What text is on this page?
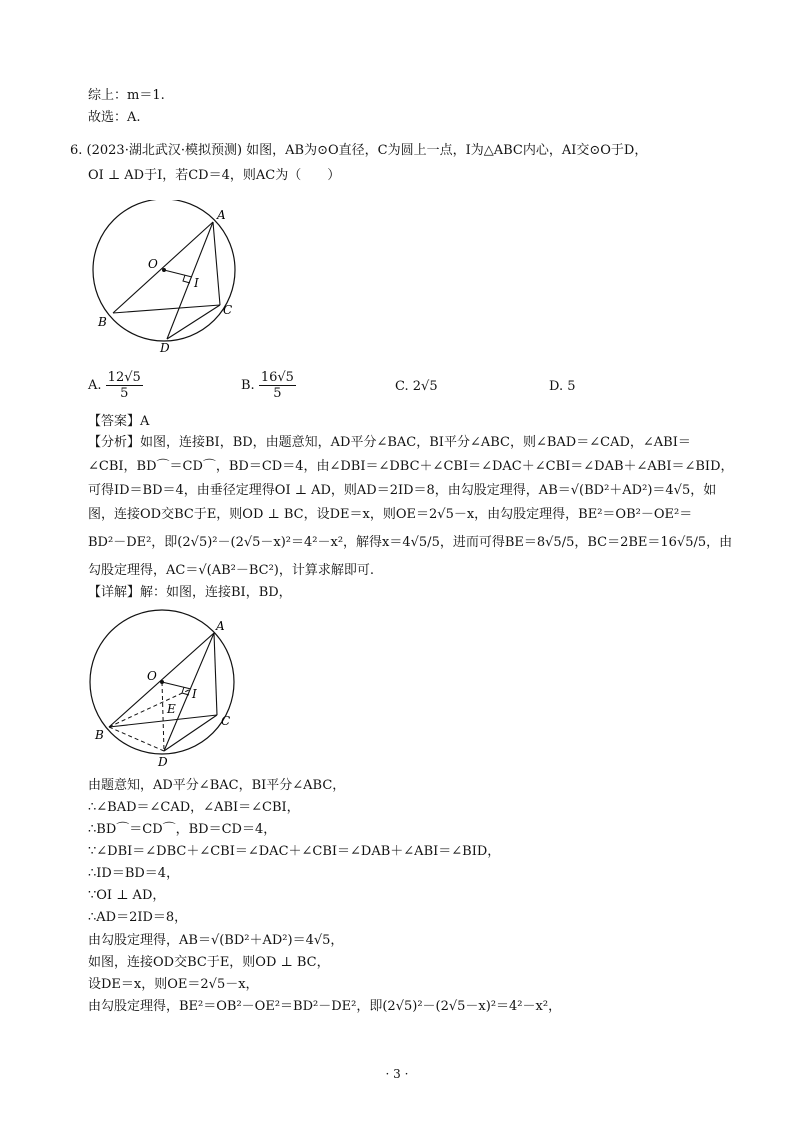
综上：m＝1.
故选：A.
6. (2023·湖北武汉·模拟预测) 如图，AB为⊙O直径，C为圆上一点，I为△ABC内心，AI交⊙O于D，
OI ⊥ AD于I，若CD＝4，则AC为（　　）
A
O
I
B
C
D
A. $\frac{12√5}{5}$	B. $\frac{16√5}{5}$	C. 2√5	D. 5
【答案】A
【分析】如图，连接BI，BD，由题意知，AD平分∠BAC，BI平分∠ABC，则∠BAD＝∠CAD，∠ABI＝
∠CBI，BD⌒＝CD⌒，BD＝CD＝4，由∠DBI＝∠DBC＋∠CBI＝∠DAC＋∠CBI＝∠DAB＋∠ABI＝∠BID，
可得ID＝BD＝4，由垂径定理得OI ⊥ AD，则AD＝2ID＝8，由勾股定理得，AB＝√(BD²＋AD²)＝4√5，如
图，连接OD交BC于E，则OD ⊥ BC，设DE＝x，则OE＝2√5－x，由勾股定理得，BE²＝OB²－OE²＝
BD²－DE²，即(2√5)²－(2√5－x)²＝4²－x²，解得x＝4√5/5，进而可得BE＝8√5/5，BC＝2BE＝16√5/5，由
勾股定理得，AC＝√(AB²－BC²)，计算求解即可.
【详解】解：如图，连接BI，BD，
A
O
I
E
B
C
D
由题意知，AD平分∠BAC，BI平分∠ABC，
∴∠BAD＝∠CAD，∠ABI＝∠CBI，
∴BD⌒＝CD⌒，BD＝CD＝4，
∵∠DBI＝∠DBC＋∠CBI＝∠DAC＋∠CBI＝∠DAB＋∠ABI＝∠BID，
∴ID＝BD＝4，
∵OI ⊥ AD，
∴AD＝2ID＝8，
由勾股定理得，AB＝√(BD²＋AD²)＝4√5，
如图，连接OD交BC于E，则OD ⊥ BC，
设DE＝x，则OE＝2√5－x，
由勾股定理得，BE²＝OB²－OE²＝BD²－DE²，即(2√5)²－(2√5－x)²＝4²－x²，
· 3 ·
